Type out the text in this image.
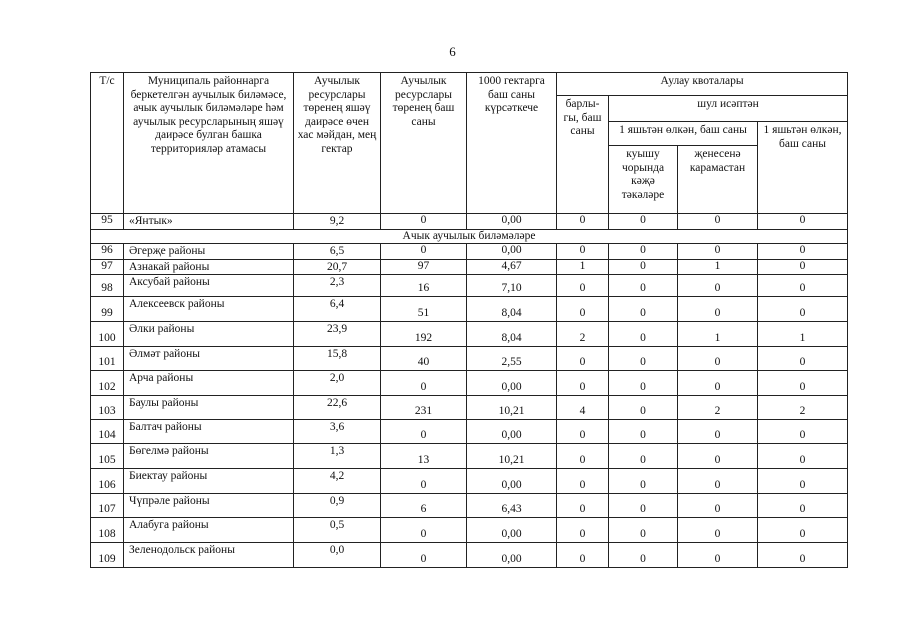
6
Т/с	Муниципаль районнарга беркетелгән аучылык биләмәсе, ачык аучылык биләмәләре һәм аучылык ресурсларының яшәү даирәсе булган башка территорияләр атамасы	Аучылык ресурслары төренең яшәү даирәсе өчен хас мәйдан, мең гектар	Аучылык ресурслары төренең баш саны	1000 гектарга баш саны күрсәткече	Аулау квоталары			
					барлы-гы, баш саны	шул исәптән		
						1 яшьтән өлкән, баш саны		1 яшьтән өлкән, баш саны
						куышу чорында кәҗә тәкәләре	җенесенә карамастан	
95	«Янтык»	9,2	0	0,00	0	0	0	0
Ачык аучылык биләмәләре								
96	Әгерҗе районы	6,5	0	0,00	0	0	0	0
97	Азнакай районы	20,7	97	4,67	1	0	1	0
98	Аксубай районы	2,3	16	7,10	0	0	0	0
99	Алексеевск районы	6,4	51	8,04	0	0	0	0
100	Әлки районы	23,9	192	8,04	2	0	1	1
101	Әлмәт районы	15,8	40	2,55	0	0	0	0
102	Арча районы	2,0	0	0,00	0	0	0	0
103	Баулы районы	22,6	231	10,21	4	0	2	2
104	Балтач районы	3,6	0	0,00	0	0	0	0
105	Бөгелмә районы	1,3	13	10,21	0	0	0	0
106	Биектау районы	4,2	0	0,00	0	0	0	0
107	Чүпрәле районы	0,9	6	6,43	0	0	0	0
108	Алабуга районы	0,5	0	0,00	0	0	0	0
109	Зеленодольск районы	0,0	0	0,00	0	0	0	0
